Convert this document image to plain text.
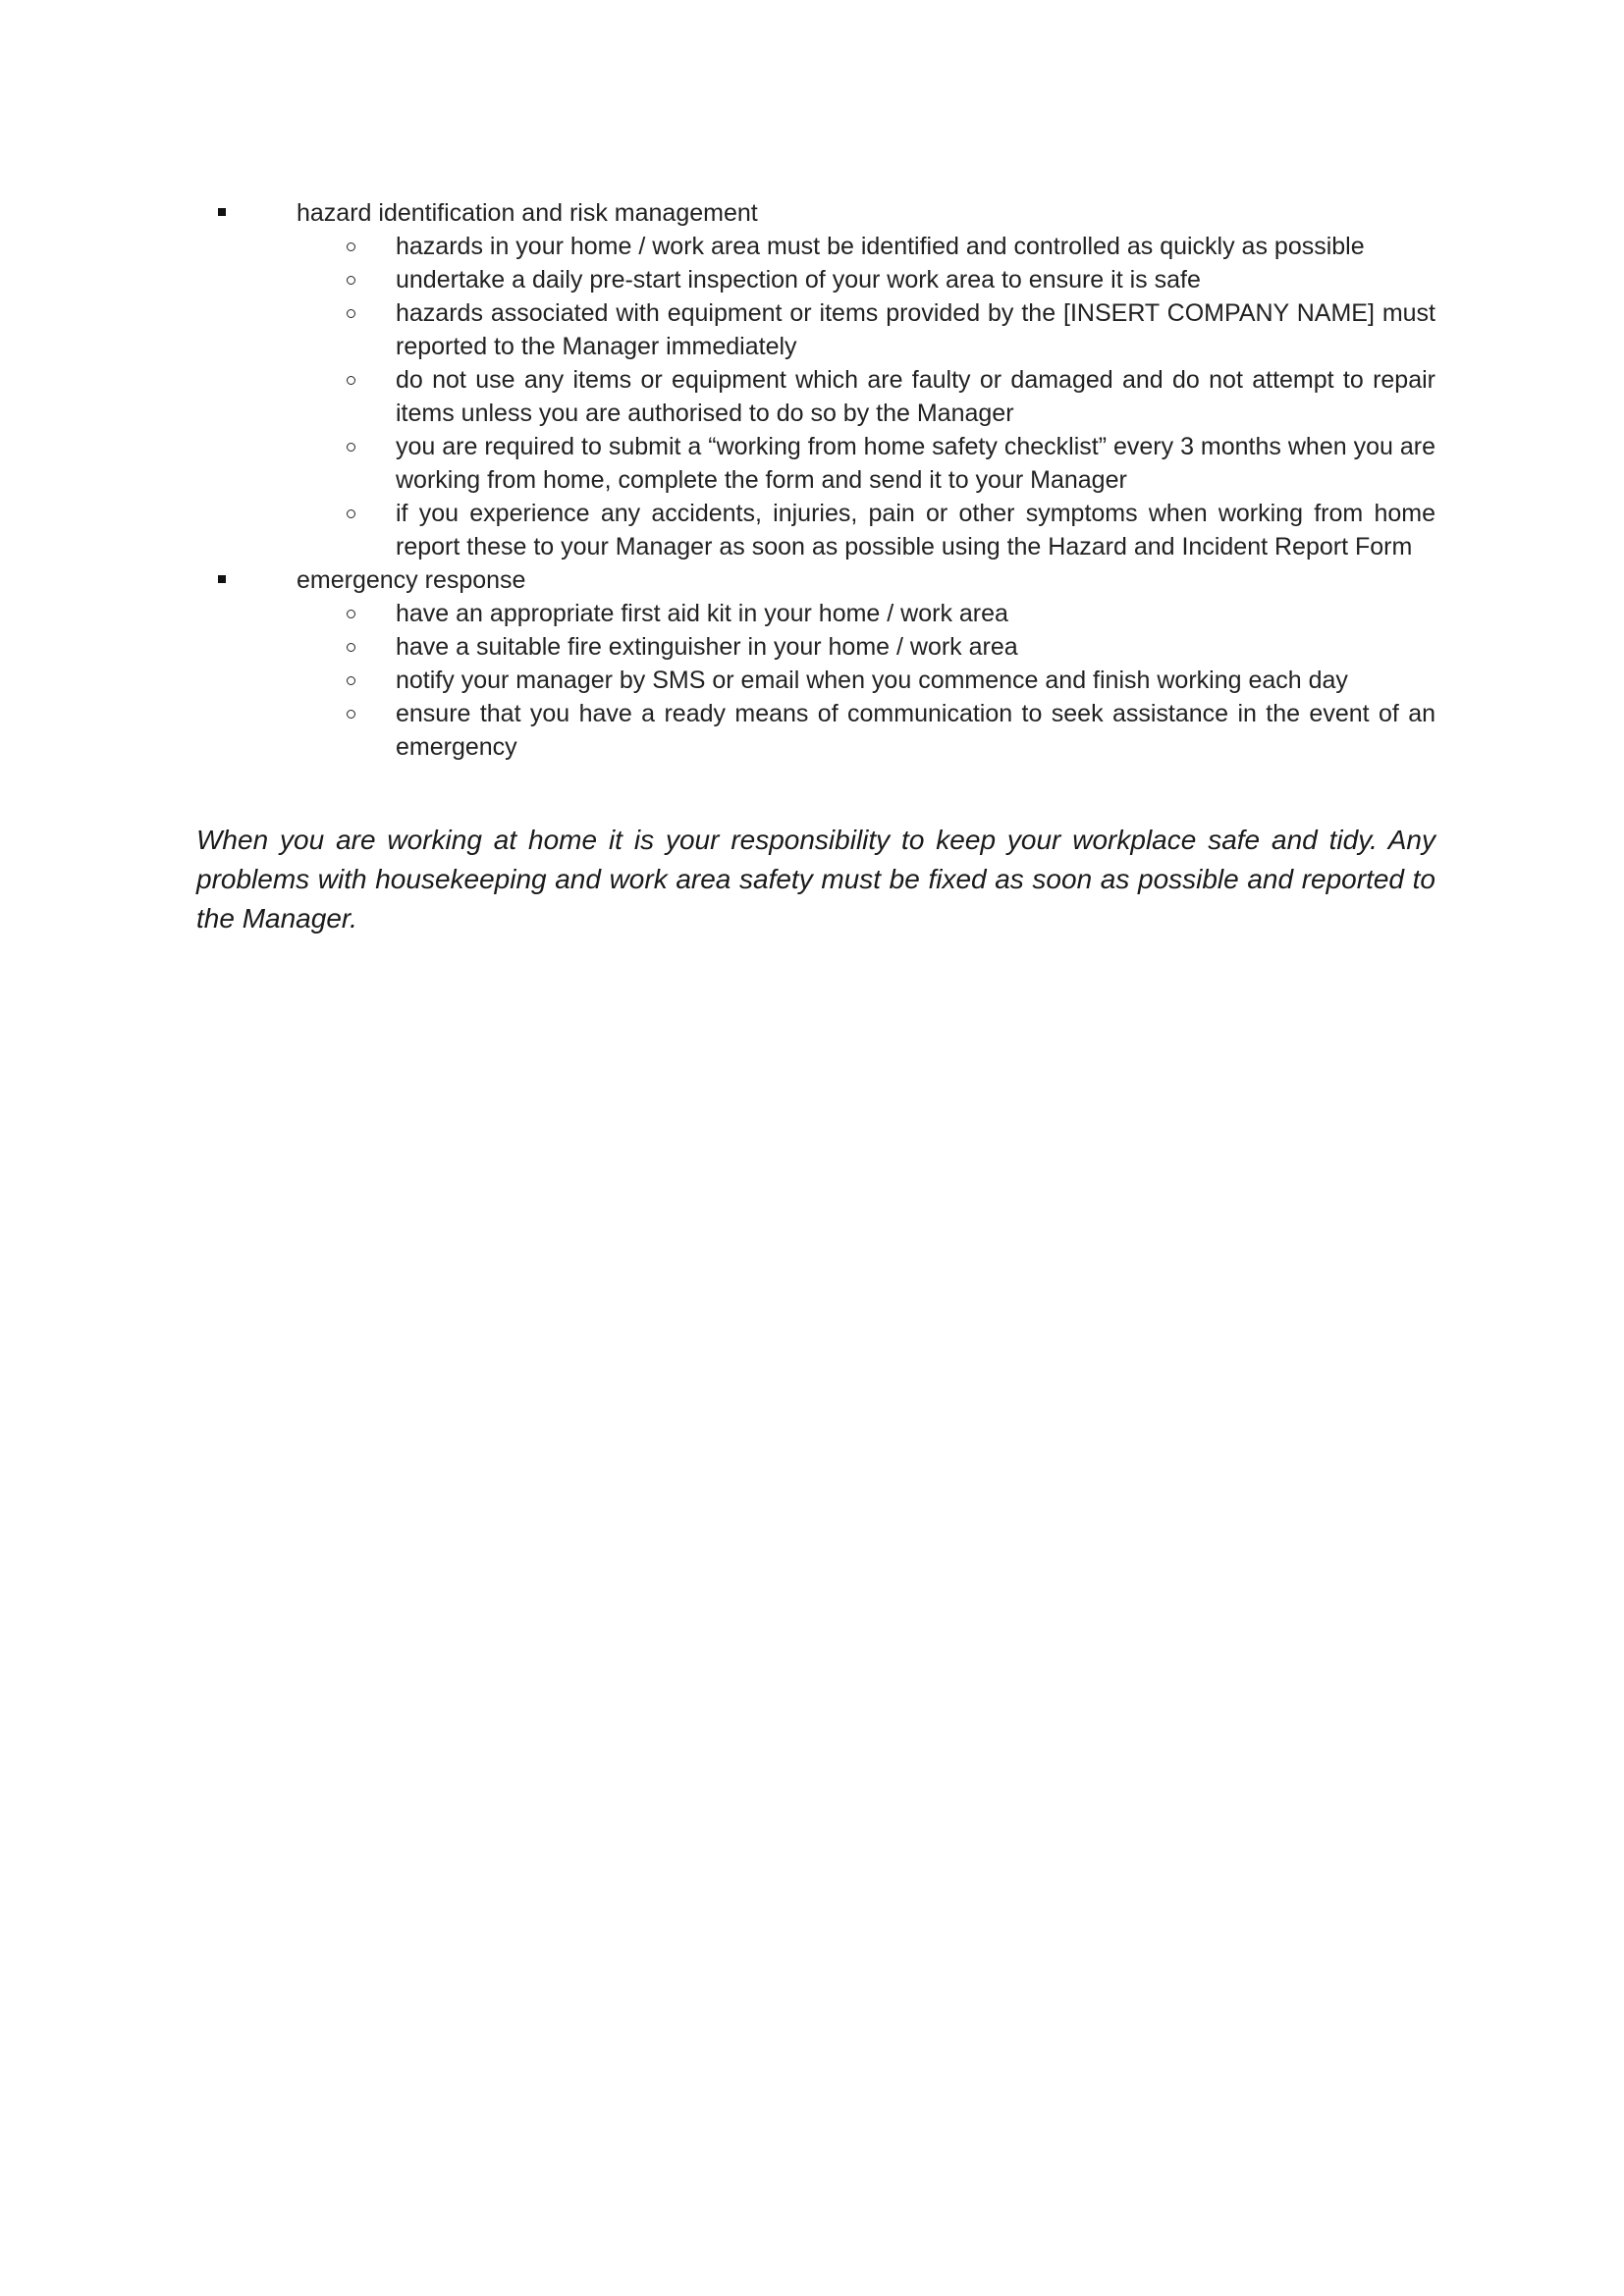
hazard identification and risk management
hazards in your home / work area must be identified and controlled as quickly as possible
undertake a daily pre-start inspection of your work area to ensure it is safe
hazards associated with equipment or items provided by the [INSERT COMPANY NAME] must reported to the Manager immediately
do not use any items or equipment which are faulty or damaged and do not attempt to repair items unless you are authorised to do so by the Manager
you are required to submit a “working from home safety checklist” every 3 months when you are working from home, complete the form and send it to your Manager
if you experience any accidents, injuries, pain or other symptoms when working from home report these to your Manager as soon as possible using the Hazard and Incident Report Form
emergency response
have an appropriate first aid kit in your home / work area
have a suitable fire extinguisher in your home / work area
notify your manager by SMS or email when you commence and finish working each day
ensure that you have a ready means of communication to seek assistance in the event of an emergency

When you are working at home it is your responsibility to keep your workplace safe and tidy. Any problems with housekeeping and work area safety must be fixed as soon as possible and reported to the Manager.
